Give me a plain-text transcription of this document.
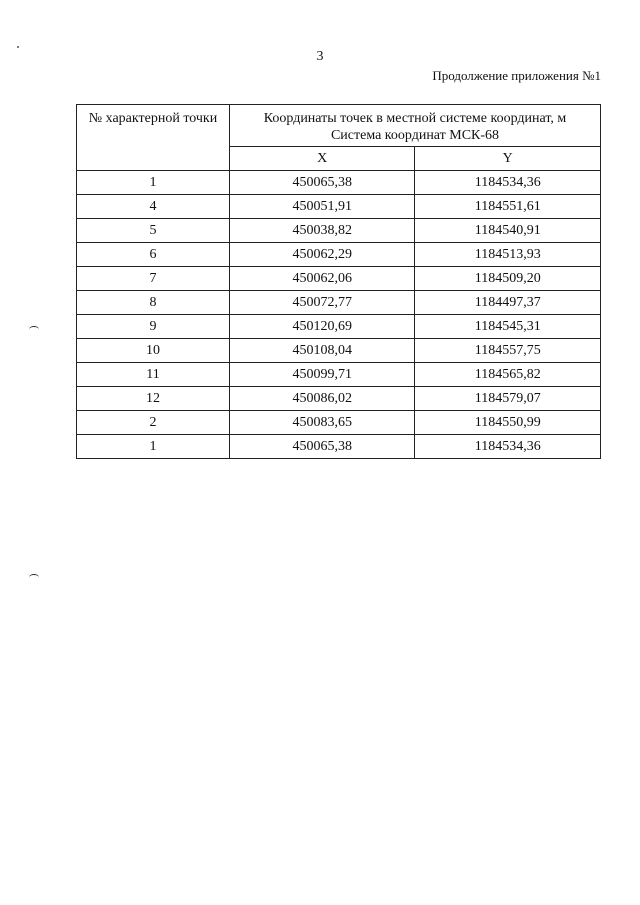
3
Продолжение приложения №1
№ характерной точки	Координаты точек в местной системе координат, м
Система координат МСК-68	
	X	Y
1	450065,38	1184534,36
4	450051,91	1184551,61
5	450038,82	1184540,91
6	450062,29	1184513,93
7	450062,06	1184509,20
8	450072,77	1184497,37
9	450120,69	1184545,31
10	450108,04	1184557,75
11	450099,71	1184565,82
12	450086,02	1184579,07
2	450083,65	1184550,99
1	450065,38	1184534,36
